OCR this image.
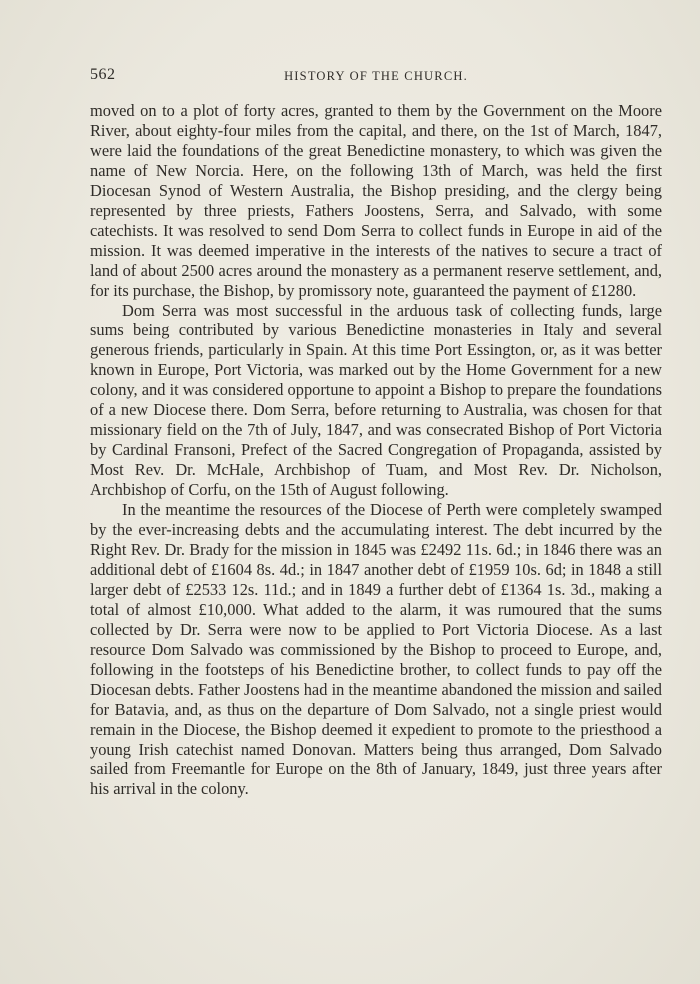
562	HISTORY OF THE CHURCH.

moved on to a plot of forty acres, granted to them by the Government on the Moore River, about eighty-four miles from the capital, and there, on the 1st of March, 1847, were laid the foundations of the great Benedictine monastery, to which was given the name of New Norcia. Here, on the following 13th of March, was held the first Diocesan Synod of Western Australia, the Bishop presiding, and the clergy being represented by three priests, Fathers Joostens, Serra, and Salvado, with some catechists. It was resolved to send Dom Serra to collect funds in Europe in aid of the mission. It was deemed imperative in the interests of the natives to secure a tract of land of about 2500 acres around the monastery as a permanent reserve settlement, and, for its purchase, the Bishop, by promissory note, guaranteed the payment of £1280.

Dom Serra was most successful in the arduous task of collecting funds, large sums being contributed by various Benedictine monasteries in Italy and several generous friends, particularly in Spain. At this time Port Essington, or, as it was better known in Europe, Port Victoria, was marked out by the Home Government for a new colony, and it was considered opportune to appoint a Bishop to prepare the foundations of a new Diocese there. Dom Serra, before returning to Australia, was chosen for that missionary field on the 7th of July, 1847, and was consecrated Bishop of Port Victoria by Cardinal Fransoni, Prefect of the Sacred Congregation of Propaganda, assisted by Most Rev. Dr. McHale, Archbishop of Tuam, and Most Rev. Dr. Nicholson, Archbishop of Corfu, on the 15th of August following.

In the meantime the resources of the Diocese of Perth were completely swamped by the ever-increasing debts and the accumulating interest. The debt incurred by the Right Rev. Dr. Brady for the mission in 1845 was £2492 11s. 6d.; in 1846 there was an additional debt of £1604 8s. 4d.; in 1847 another debt of £1959 10s. 6d; in 1848 a still larger debt of £2533 12s. 11d.; and in 1849 a further debt of £1364 1s. 3d., making a total of almost £10,000. What added to the alarm, it was rumoured that the sums collected by Dr. Serra were now to be applied to Port Victoria Diocese. As a last resource Dom Salvado was commissioned by the Bishop to proceed to Europe, and, following in the footsteps of his Benedictine brother, to collect funds to pay off the Diocesan debts. Father Joostens had in the meantime abandoned the mission and sailed for Batavia, and, as thus on the departure of Dom Salvado, not a single priest would remain in the Diocese, the Bishop deemed it expedient to promote to the priesthood a young Irish catechist named Donovan. Matters being thus arranged, Dom Salvado sailed from Freemantle for Europe on the 8th of January, 1849, just three years after his arrival in the colony.
